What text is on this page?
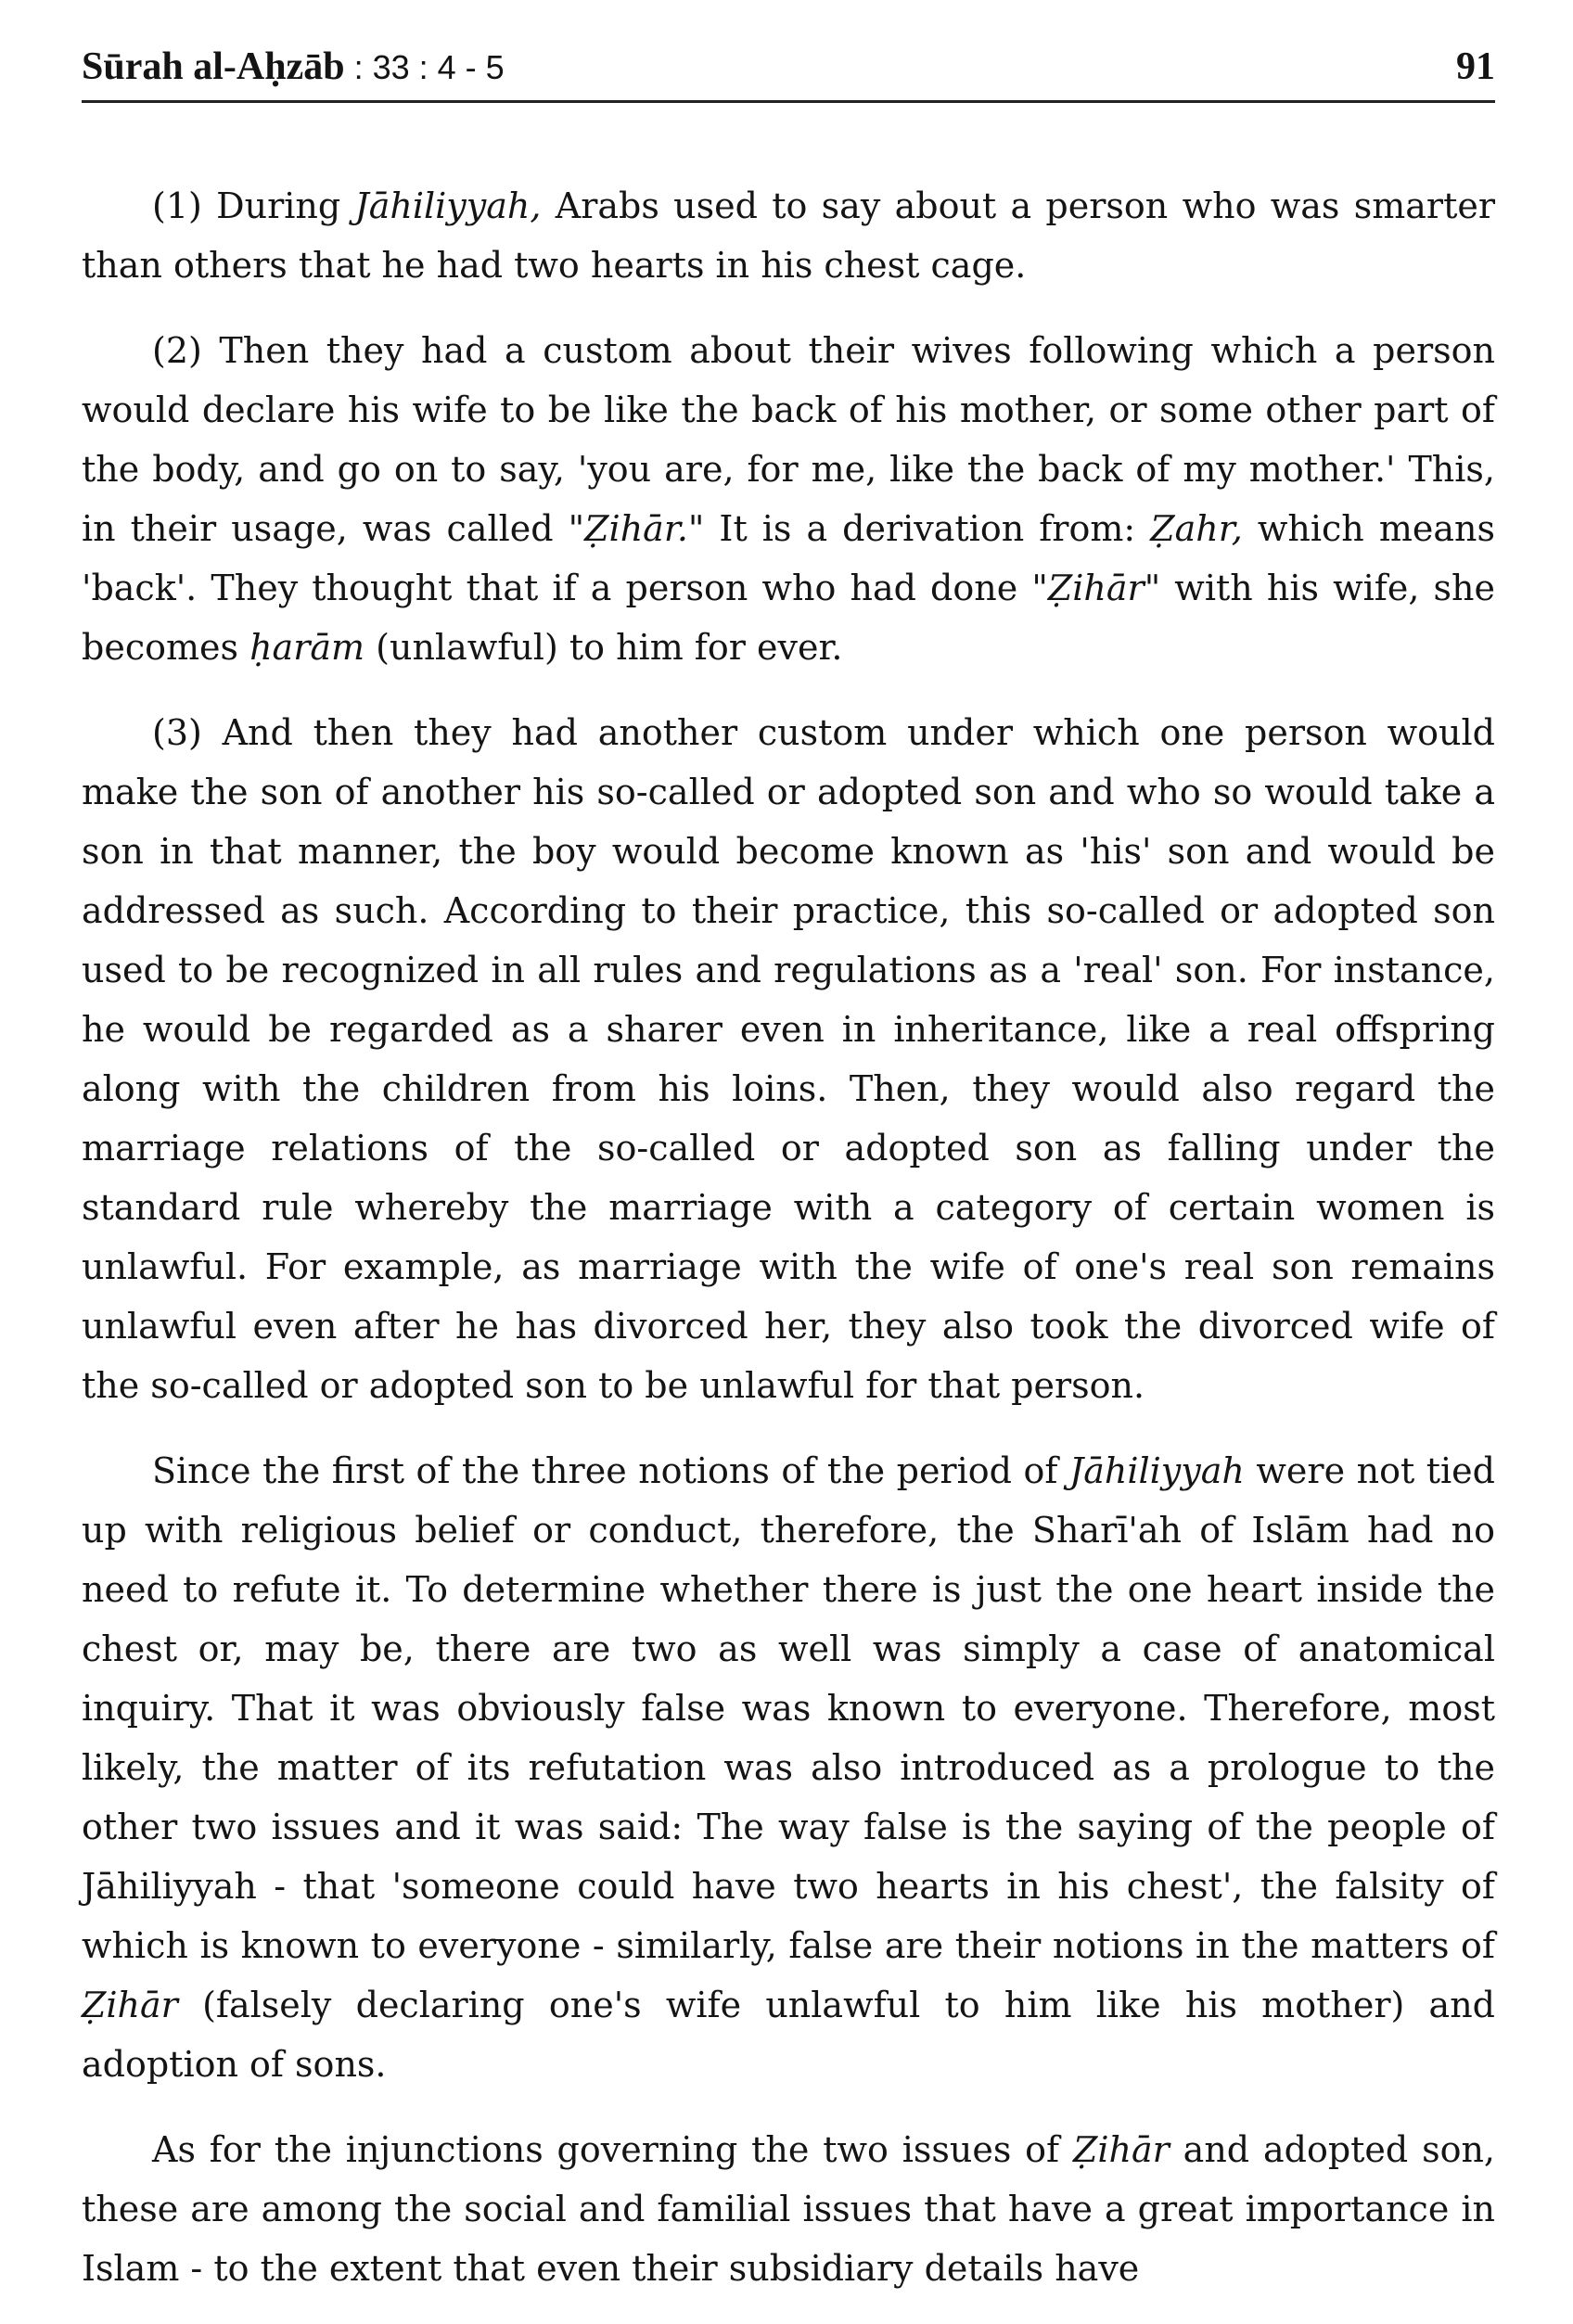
Sūrah al-Aḥzāb : 33 : 4 - 5	91

(1) During Jāhiliyyah, Arabs used to say about a person who was smarter than others that he had two hearts in his chest cage.

(2) Then they had a custom about their wives following which a person would declare his wife to be like the back of his mother, or some other part of the body, and go on to say, 'you are, for me, like the back of my mother.' This, in their usage, was called "Ẓihār." It is a derivation from: Ẓahr, which means 'back'. They thought that if a person who had done "Ẓihār" with his wife, she becomes ḥarām (unlawful) to him for ever.

(3) And then they had another custom under which one person would make the son of another his so-called or adopted son and who so would take a son in that manner, the boy would become known as 'his' son and would be addressed as such. According to their practice, this so-called or adopted son used to be recognized in all rules and regulations as a 'real' son. For instance, he would be regarded as a sharer even in inheritance, like a real offspring along with the children from his loins. Then, they would also regard the marriage relations of the so-called or adopted son as falling under the standard rule whereby the marriage with a category of certain women is unlawful. For example, as marriage with the wife of one's real son remains unlawful even after he has divorced her, they also took the divorced wife of the so-called or adopted son to be unlawful for that person.

Since the first of the three notions of the period of Jāhiliyyah were not tied up with religious belief or conduct, therefore, the Sharī'ah of Islām had no need to refute it. To determine whether there is just the one heart inside the chest or, may be, there are two as well was simply a case of anatomical inquiry. That it was obviously false was known to everyone. Therefore, most likely, the matter of its refutation was also introduced as a prologue to the other two issues and it was said: The way false is the saying of the people of Jāhiliyyah - that 'someone could have two hearts in his chest', the falsity of which is known to everyone - similarly, false are their notions in the matters of Ẓihār (falsely declaring one's wife unlawful to him like his mother) and adoption of sons.

As for the injunctions governing the two issues of Ẓihār and adopted son, these are among the social and familial issues that have a great importance in Islam - to the extent that even their subsidiary details have
